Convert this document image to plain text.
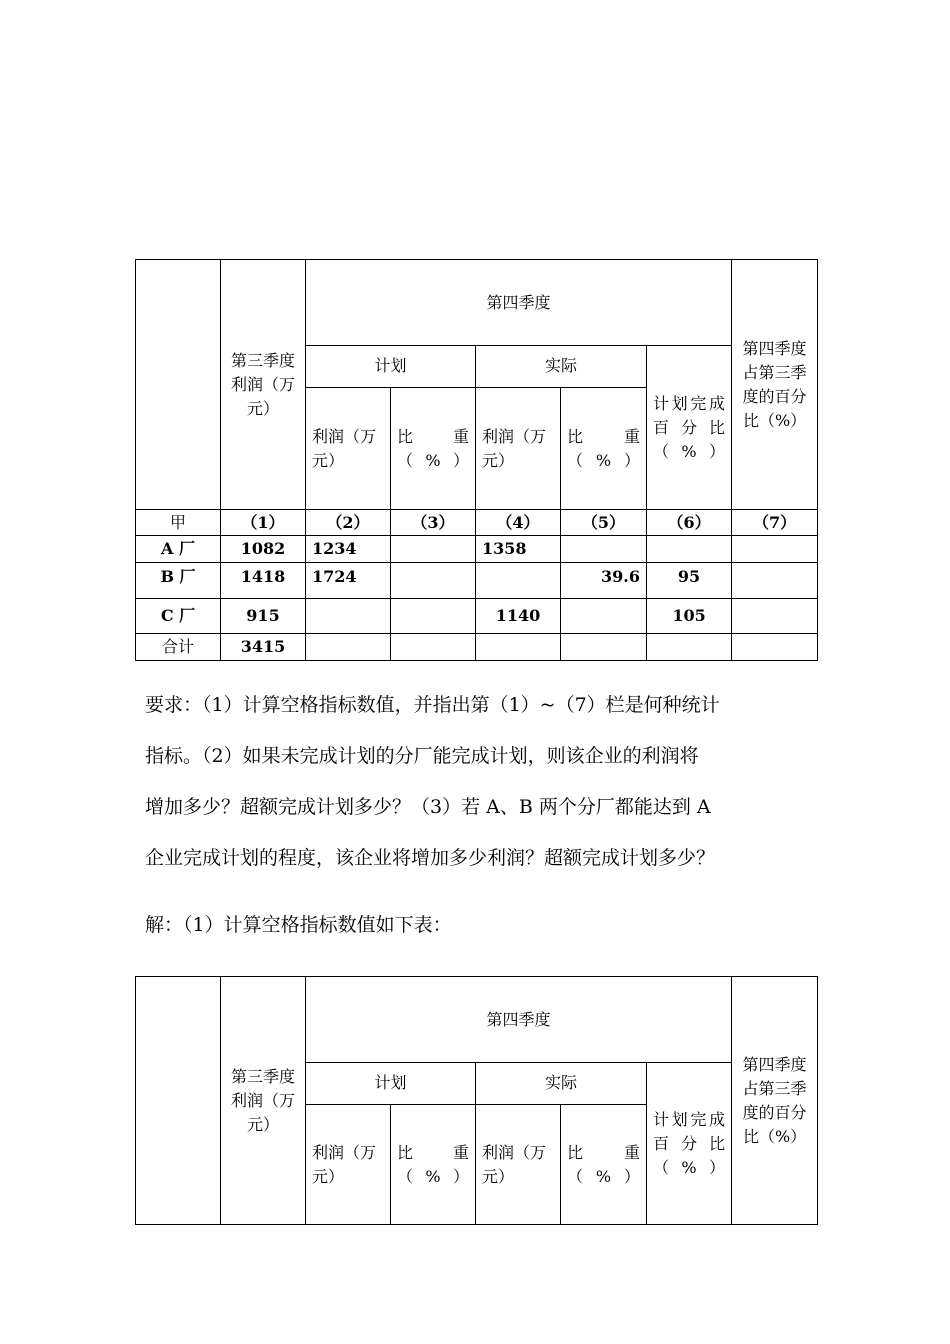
	第三季度利润（万元）	第四季度					第四季度占第三季度的百分比（%）
		计划		实际		计划完成百分比（%）	
		利润（万元）	比 重（%）	利润（万元）	比 重（%）		
甲	（1）	（2）	（3）	（4）	（5）	（6）	（7）
A 厂	1082	1234		1358			
B 厂	1418	1724			39.6	95	
C 厂	915			1140		105	
合计	3415						

要求：（1）计算空格指标数值，并指出第（1）~（7）栏是何种统计
指标。（2）如果未完成计划的分厂能完成计划，则该企业的利润将
增加多少？超额完成计划多少？（3）若 A、B 两个分厂都能达到 A
企业完成计划的程度，该企业将增加多少利润？超额完成计划多少？

解：（1）计算空格指标数值如下表：

	第三季度利润（万元）	第四季度					第四季度占第三季度的百分比（%）
		计划		实际		计划完成百分比（%）	
		利润（万元）	比 重（%）	利润（万元）	比 重（%）		
